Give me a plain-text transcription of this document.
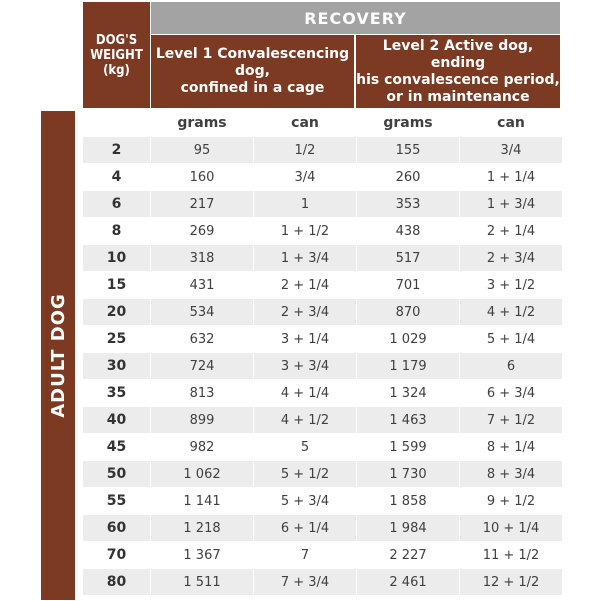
ADULT DOG
DOG'S
WEIGHT
(kg)
RECOVERY
Level 1 Convalescencing dog,
confined in a cage
Level 2 Active dog, ending
his convalescence period,
or in maintenance
grams	can	grams	can
2	95	1/2	155	3/4
4	160	3/4	260	1 + 1/4
6	217	1	353	1 + 3/4
8	269	1 + 1/2	438	2 + 1/4
10	318	1 + 3/4	517	2 + 3/4
15	431	2 + 1/4	701	3 + 1/2
20	534	2 + 3/4	870	4 + 1/2
25	632	3 + 1/4	1 029	5 + 1/4
30	724	3 + 3/4	1 179	6
35	813	4 + 1/4	1 324	6 + 3/4
40	899	4 + 1/2	1 463	7 + 1/2
45	982	5	1 599	8 + 1/4
50	1 062	5 + 1/2	1 730	8 + 3/4
55	1 141	5 + 3/4	1 858	9 + 1/2
60	1 218	6 + 1/4	1 984	10 + 1/4
70	1 367	7	2 227	11 + 1/2
80	1 511	7 + 3/4	2 461	12 + 1/2
